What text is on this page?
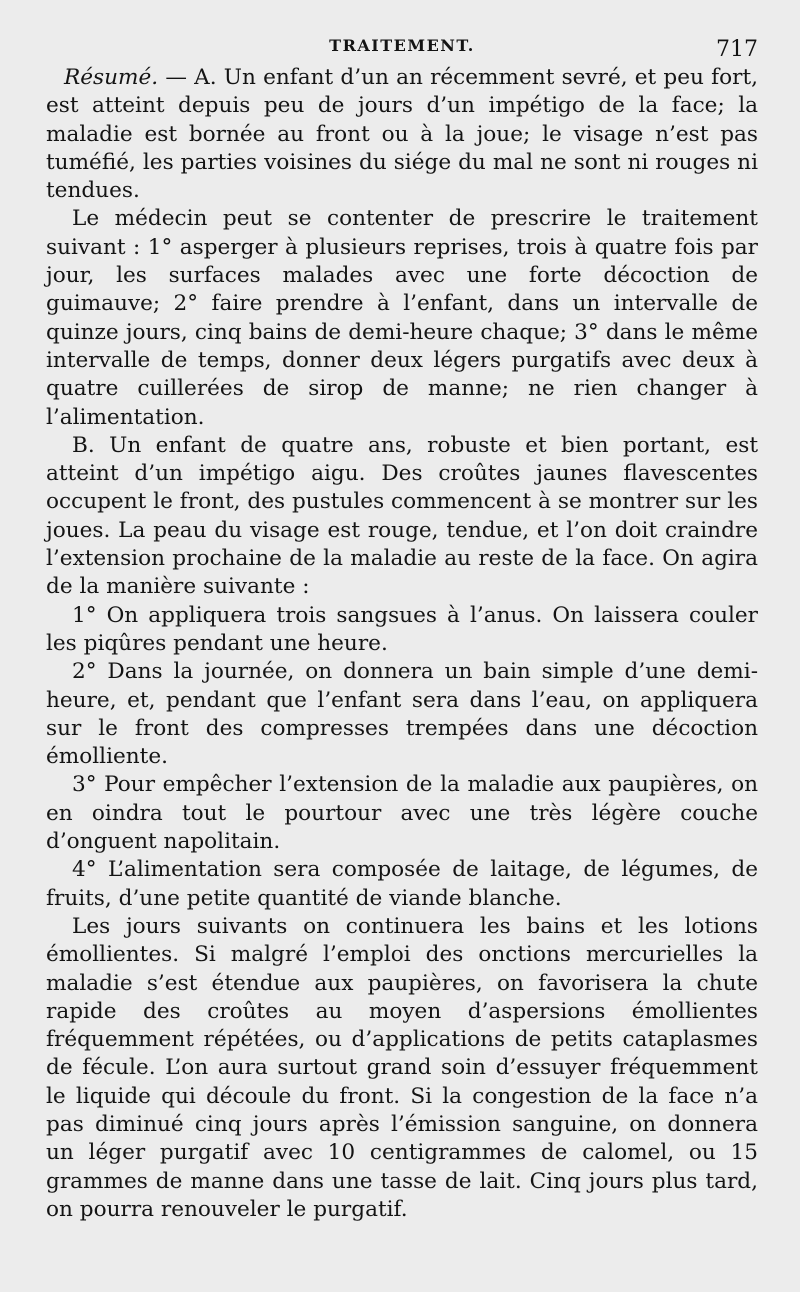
TRAITEMENT.	717

Résumé. — A. Un enfant d’un an récemment sevré, et peu fort, est atteint depuis peu de jours d’un impétigo de la face; la maladie est bornée au front ou à la joue; le visage n’est pas tuméfié, les parties voisines du siége du mal ne sont ni rouges ni tendues.

Le médecin peut se contenter de prescrire le traitement suivant : 1° asperger à plusieurs reprises, trois à quatre fois par jour, les surfaces malades avec une forte décoction de guimauve; 2° faire prendre à l’enfant, dans un intervalle de quinze jours, cinq bains de demi-heure chaque; 3° dans le même intervalle de temps, donner deux légers purgatifs avec deux à quatre cuillerées de sirop de manne; ne rien changer à l’alimentation.

B. Un enfant de quatre ans, robuste et bien portant, est atteint d’un impétigo aigu. Des croûtes jaunes flavescentes occupent le front, des pustules commencent à se montrer sur les joues. La peau du visage est rouge, tendue, et l’on doit craindre l’extension prochaine de la maladie au reste de la face. On agira de la manière suivante :

1° On appliquera trois sangsues à l’anus. On laissera couler les piqûres pendant une heure.

2° Dans la journée, on donnera un bain simple d’une demi-heure, et, pendant que l’enfant sera dans l’eau, on appliquera sur le front des compresses trempées dans une décoction émolliente.

3° Pour empêcher l’extension de la maladie aux paupières, on en oindra tout le pourtour avec une très légère couche d’onguent napolitain.

4° L’alimentation sera composée de laitage, de légumes, de fruits, d’une petite quantité de viande blanche.

Les jours suivants on continuera les bains et les lotions émollientes. Si malgré l’emploi des onctions mercurielles la maladie s’est étendue aux paupières, on favorisera la chute rapide des croûtes au moyen d’aspersions émollientes fréquemment répétées, ou d’applications de petits cataplasmes de fécule. L’on aura surtout grand soin d’essuyer fréquemment le liquide qui découle du front. Si la congestion de la face n’a pas diminué cinq jours après l’émission sanguine, on donnera un léger purgatif avec 10 centigrammes de calomel, ou 15 grammes de manne dans une tasse de lait. Cinq jours plus tard, on pourra renouveler le purgatif.
